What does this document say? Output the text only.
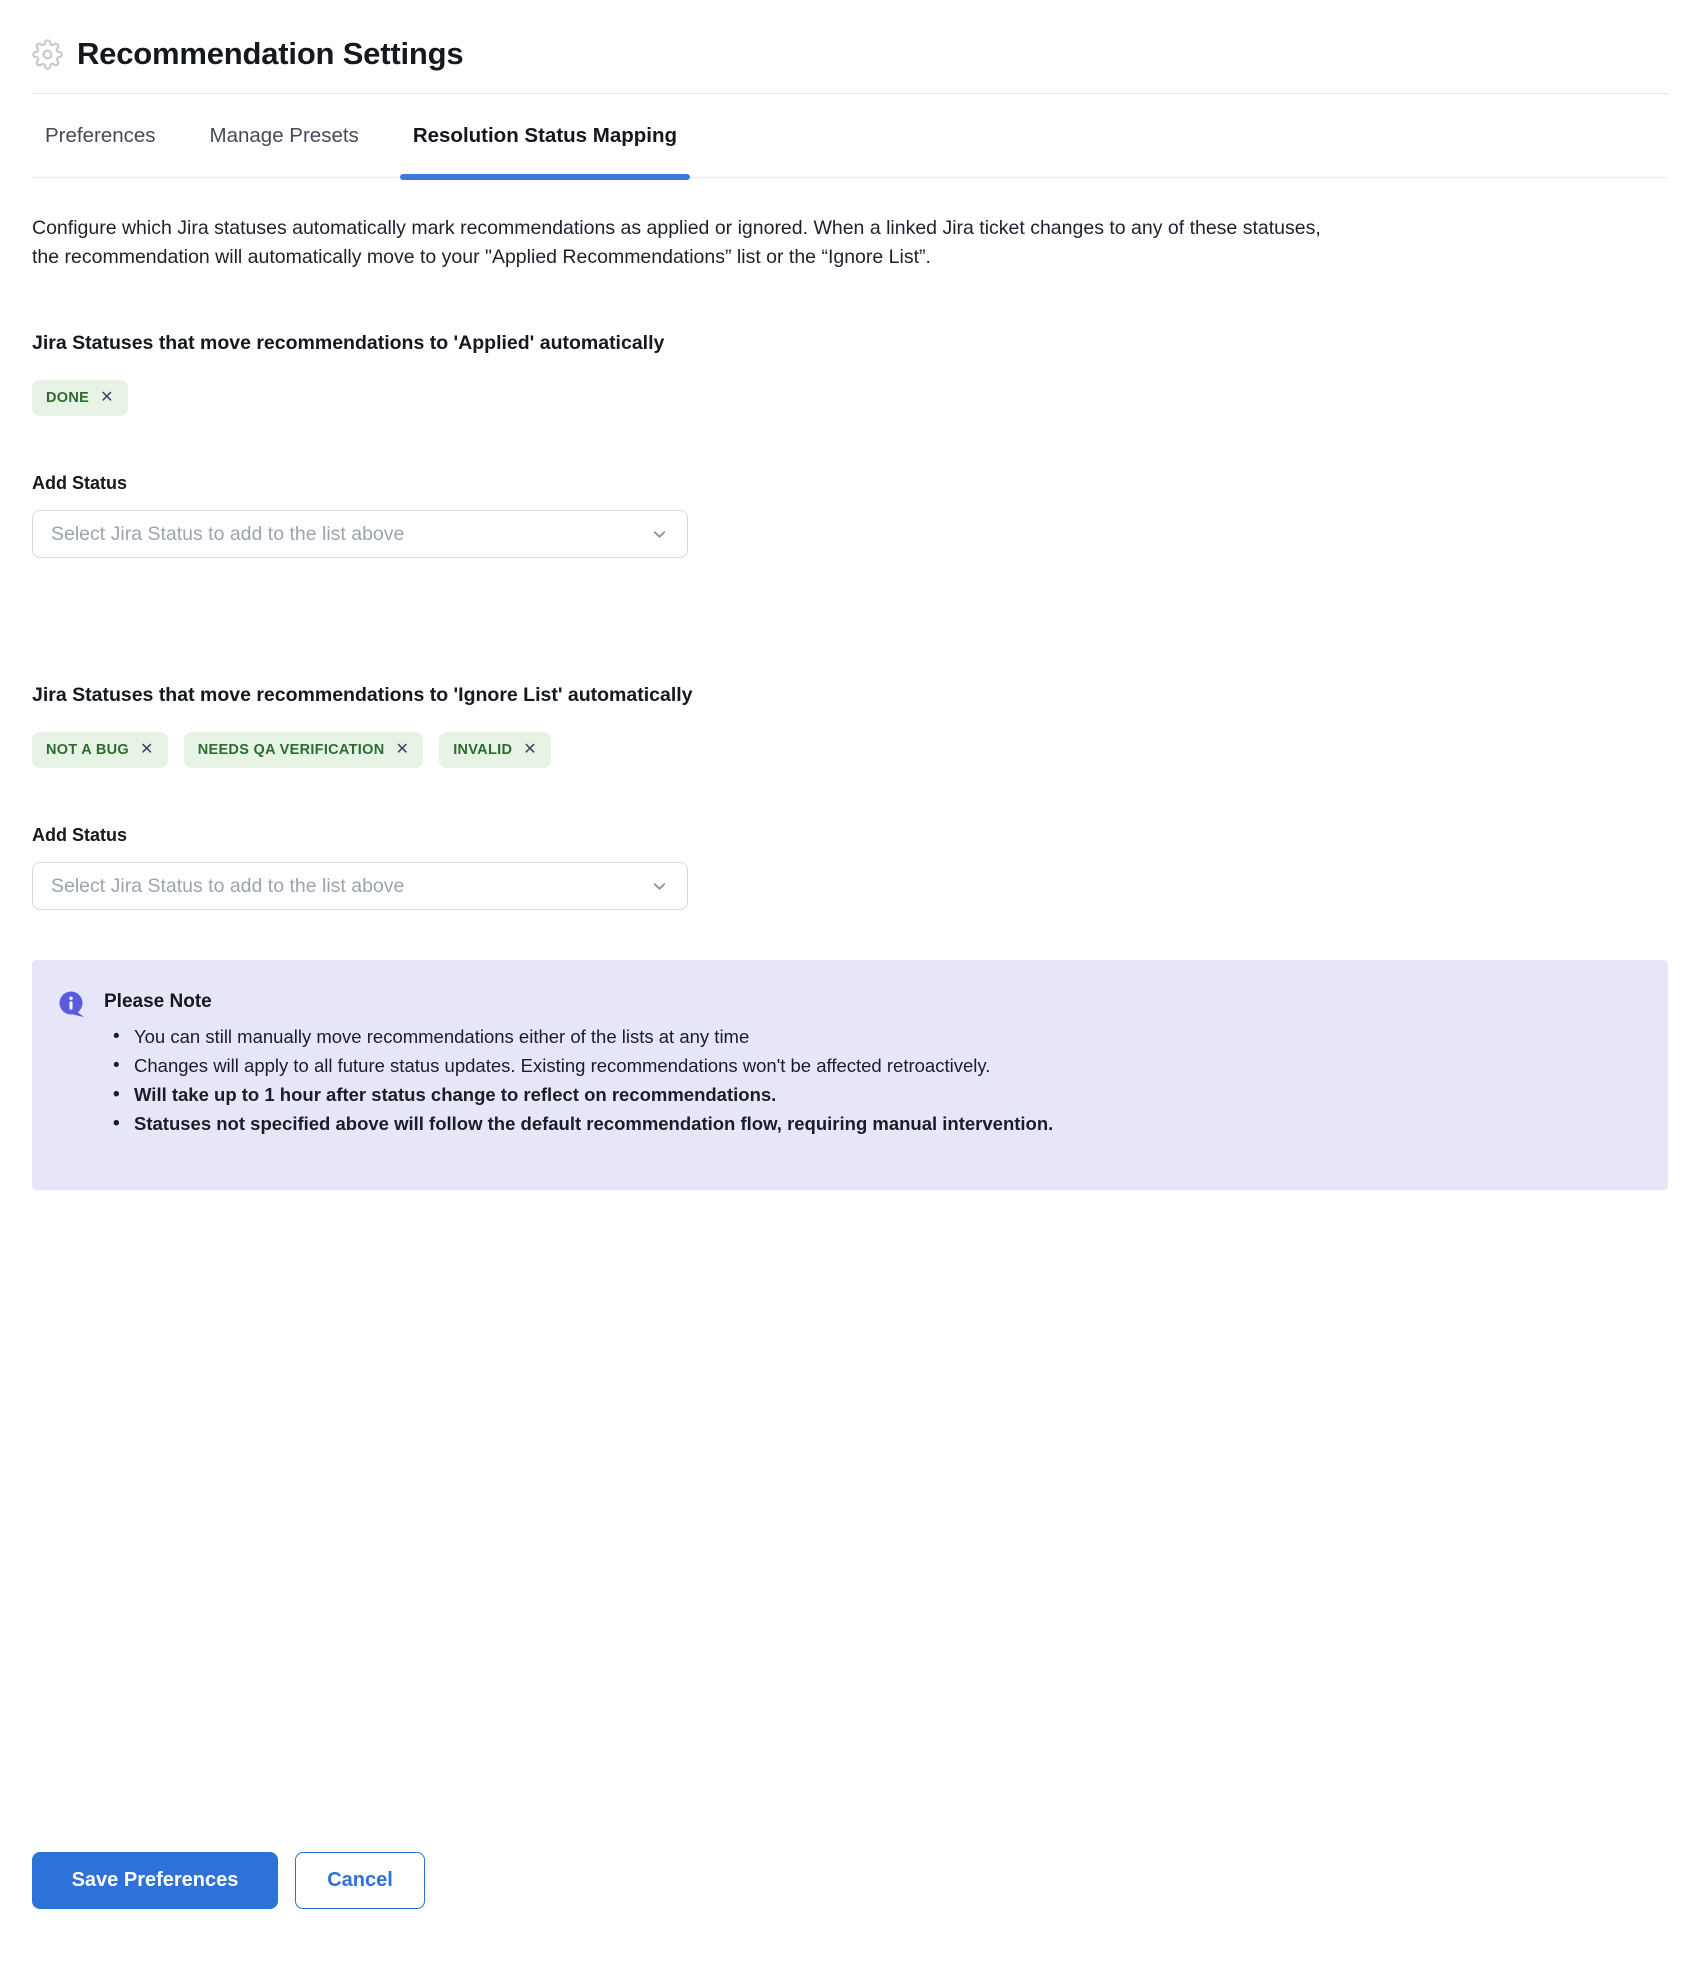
Recommendation Settings
Preferences	Manage Presets	Resolution Status Mapping

Configure which Jira statuses automatically mark recommendations as applied or ignored. When a linked Jira ticket changes to any of these statuses, the recommendation will automatically move to your "Applied Recommendations” list or the “Ignore List”.

Jira Statuses that move recommendations to 'Applied' automatically
DONE ✕
Add Status
Select Jira Status to add to the list above
Jira Statuses that move recommendations to 'Ignore List' automatically
NOT A BUG ✕	NEEDS QA VERIFICATION ✕	INVALID ✕
Add Status
Select Jira Status to add to the list above
Please Note
• You can still manually move recommendations either of the lists at any time
• Changes will apply to all future status updates. Existing recommendations won't be affected retroactively.
• Will take up to 1 hour after status change to reflect on recommendations.
• Statuses not specified above will follow the default recommendation flow, requiring manual intervention.
Save Preferences	Cancel
